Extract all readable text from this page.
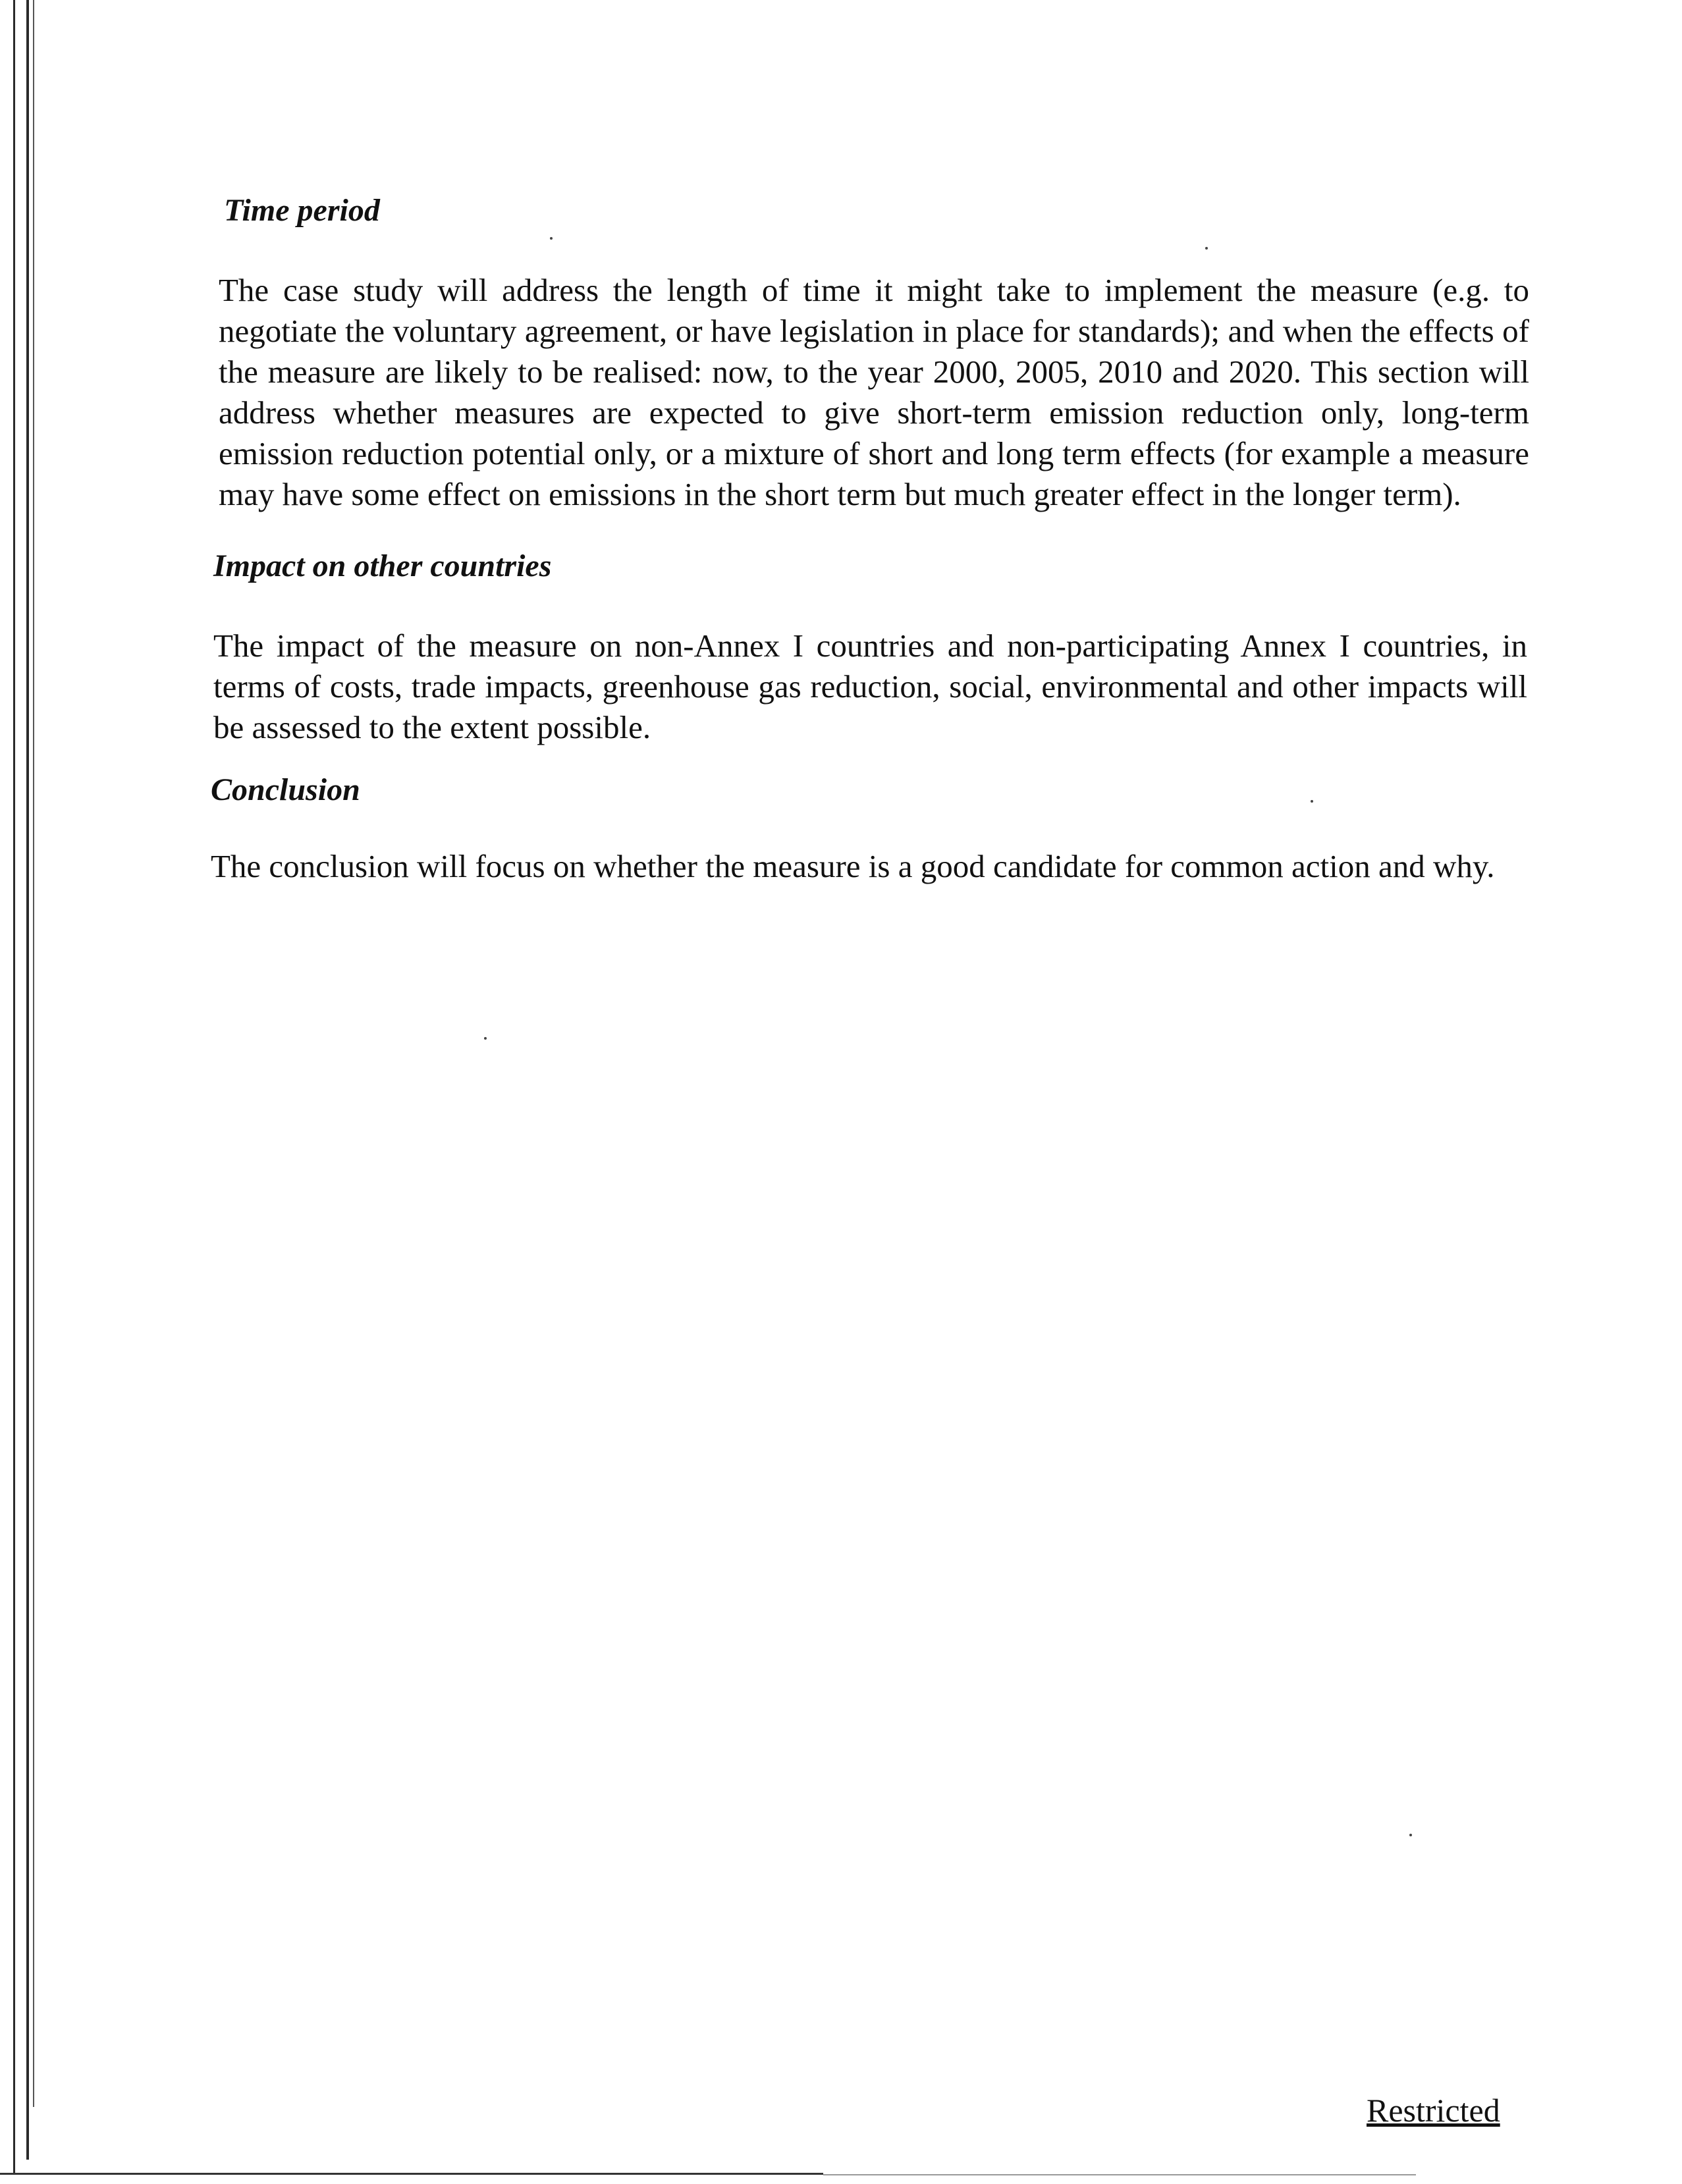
Time period

The case study will address the length of time it might take to implement the measure (e.g. to negotiate the voluntary agreement, or have legislation in place for standards); and when the effects of the measure are likely to be realised: now, to the year 2000, 2005, 2010 and 2020. This section will address whether measures are expected to give short-term emission reduction only, long-term emission reduction potential only, or a mixture of short and long term effects (for example a measure may have some effect on emissions in the short term but much greater effect in the longer term).

Impact on other countries

The impact of the measure on non-Annex I countries and non-participating Annex I countries, in terms of costs, trade impacts, greenhouse gas reduction, social, environmental and other impacts will be assessed to the extent possible.

Conclusion

The conclusion will focus on whether the measure is a good candidate for common action and why.

Restricted
